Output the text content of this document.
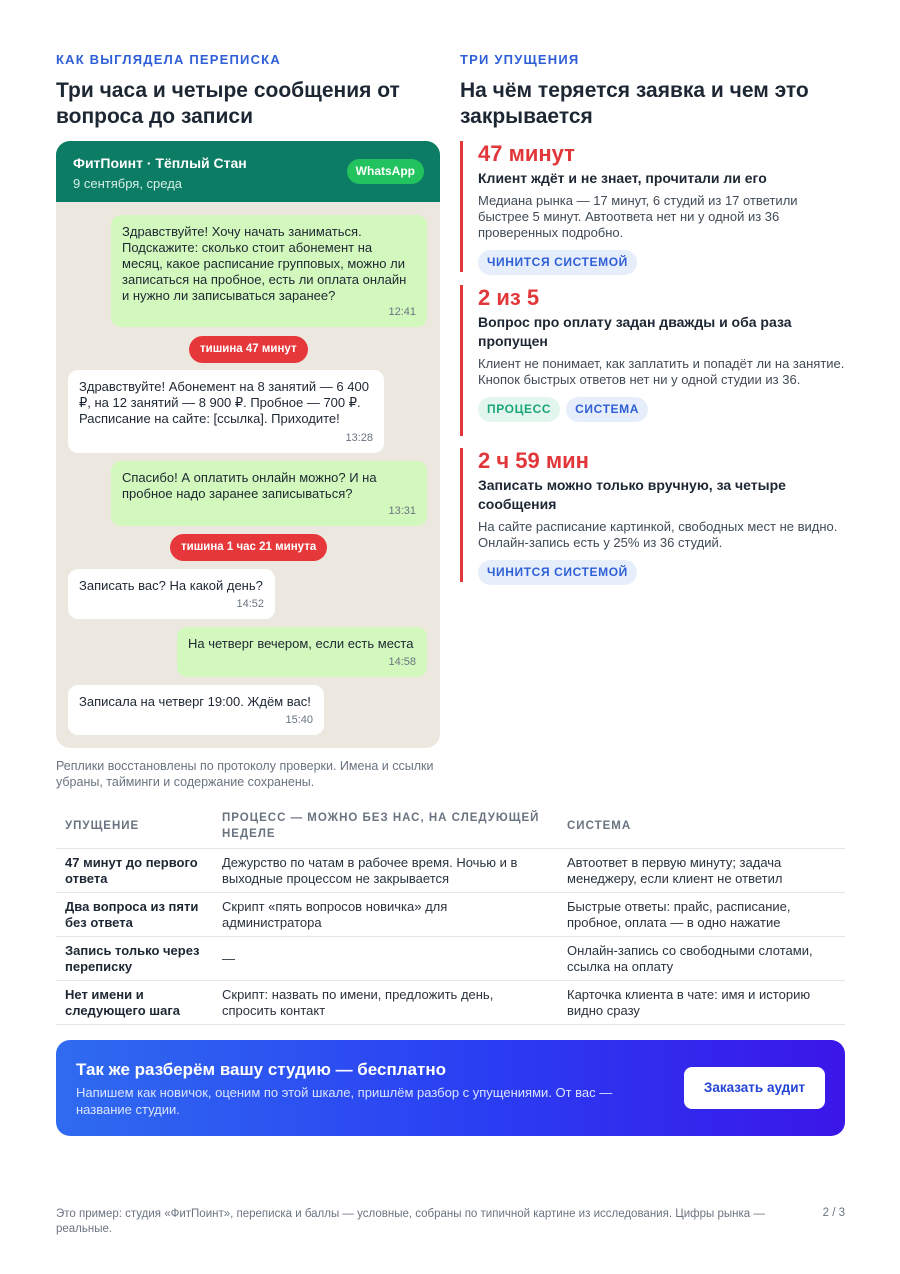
КАК ВЫГЛЯДЕЛА ПЕРЕПИСКА
Три часа и четыре сообщения от
вопроса до записи
ФитПоинт · Тёплый Стан
9 сентября, среда
WhatsApp
Здравствуйте! Хочу начать заниматься. Подскажите: сколько стоит абонемент на месяц, какое расписание групповых, можно ли записаться на пробное, есть ли оплата онлайн и нужно ли записываться заранее?
12:41
тишина 47 минут
Здравствуйте! Абонемент на 8 занятий — 6 400 ₽, на 12 занятий — 8 900 ₽. Пробное — 700 ₽. Расписание на сайте: [ссылка]. Приходите!
13:28
Спасибо! А оплатить онлайн можно? И на пробное надо заранее записываться?
13:31
тишина 1 час 21 минута
Записать вас? На какой день?
14:52
На четверг вечером, если есть места
14:58
Записала на четверг 19:00. Ждём вас!
15:40
Реплики восстановлены по протоколу проверки. Имена и ссылки убраны, тайминги и содержание сохранены.
ТРИ УПУЩЕНИЯ
На чём теряется заявка и чем это
закрывается
47 минут
Клиент ждёт и не знает, прочитали ли его
Медиана рынка — 17 минут, 6 студий из 17 ответили быстрее 5 минут. Автоответа нет ни у одной из 36 проверенных подробно.
ЧИНИТСЯ СИСТЕМОЙ
2 из 5
Вопрос про оплату задан дважды и оба раза пропущен
Клиент не понимает, как заплатить и попадёт ли на занятие. Кнопок быстрых ответов нет ни у одной студии из 36.
ПРОЦЕСС	СИСТЕМА
2 ч 59 мин
Записать можно только вручную, за четыре сообщения
На сайте расписание картинкой, свободных мест не видно. Онлайн-запись есть у 25% из 36 студий.
ЧИНИТСЯ СИСТЕМОЙ
УПУЩЕНИЕ
ПРОЦЕСС — МОЖНО БЕЗ НАС, НА СЛЕДУЮЩЕЙ НЕДЕЛЕ
СИСТЕМА
47 минут до первого ответа
Дежурство по чатам в рабочее время. Ночью и в выходные процессом не закрывается
Автоответ в первую минуту; задача менеджеру, если клиент не ответил
Два вопроса из пяти без ответа
Скрипт «пять вопросов новичка» для администратора
Быстрые ответы: прайс, расписание, пробное, оплата — в одно нажатие
Запись только через переписку
—
Онлайн-запись со свободными слотами, ссылка на оплату
Нет имени и следующего шага
Скрипт: назвать по имени, предложить день, спросить контакт
Карточка клиента в чате: имя и историю видно сразу
Так же разберём вашу студию — бесплатно
Напишем как новичок, оценим по этой шкале, пришлём разбор с упущениями. От вас — название студии.
Заказать аудит
Это пример: студия «ФитПоинт», переписка и баллы — условные, собраны по типичной картине из исследования. Цифры рынка — реальные.
2 / 3
